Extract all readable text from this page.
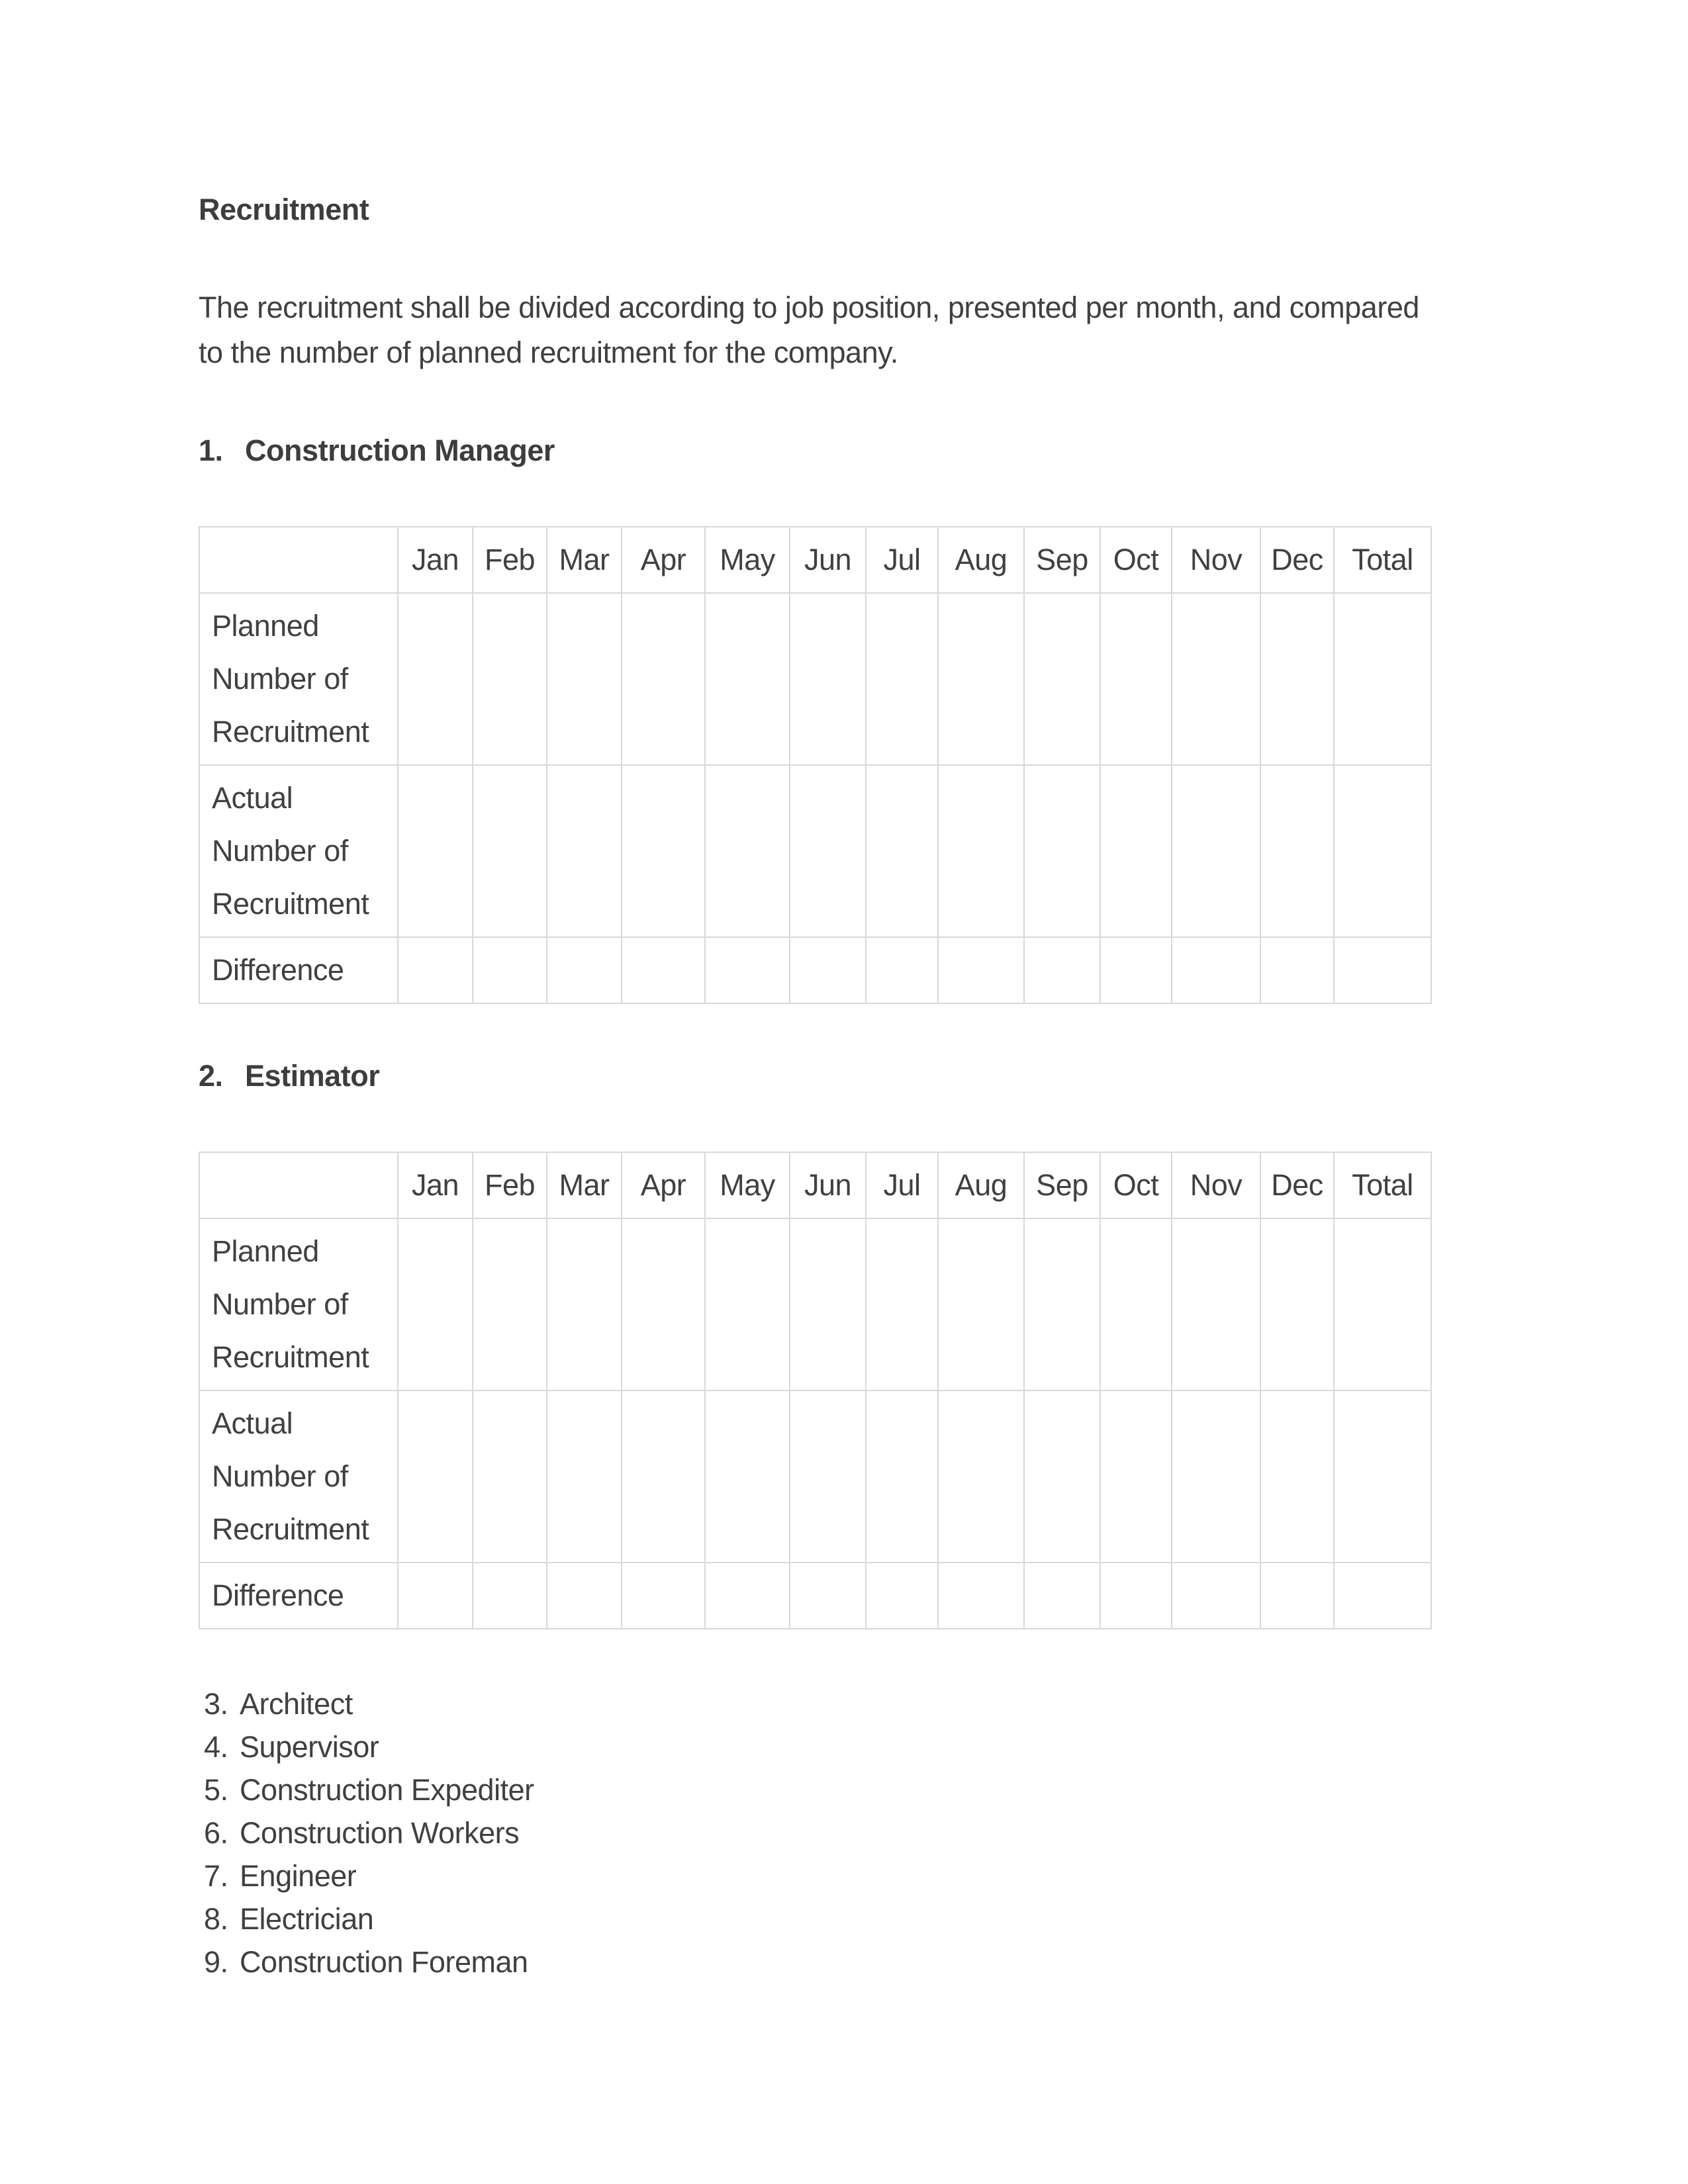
Recruitment

The recruitment shall be divided according to job position, presented per month, and compared
to the number of planned recruitment for the company.

1. Construction Manager
	Jan	Feb	Mar	Apr	May	Jun	Jul	Aug	Sep	Oct	Nov	Dec	Total
Planned Number of Recruitment													
Actual Number of Recruitment													
Difference													
2. Estimator
	Jan	Feb	Mar	Apr	May	Jun	Jul	Aug	Sep	Oct	Nov	Dec	Total
Planned Number of Recruitment													
Actual Number of Recruitment													
Difference													
3. Architect
4. Supervisor
5. Construction Expediter
6. Construction Workers
7. Engineer
8. Electrician
9. Construction Foreman
